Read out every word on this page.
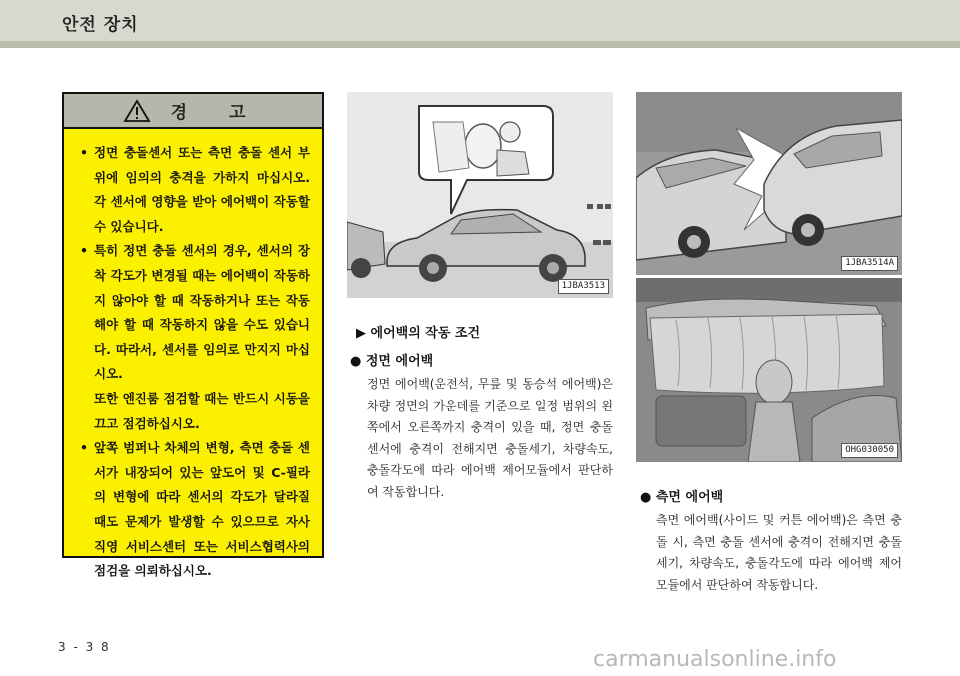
안전 장치
경 고
• 정면 충돌센서 또는 측면 충돌 센서 부위에 임의의 충격을 가하지 마십시오. 각 센서에 영향을 받아 에어백이 작동할 수 있습니다.
• 특히 정면 충돌 센서의 경우, 센서의 장착 각도가 변경될 때는 에어백이 작동하지 않아야 할 때 작동하거나 또는 작동해야 할 때 작동하지 않을 수도 있습니다. 따라서, 센서를 임의로 만지지 마십시오.
또한 엔진룸 점검할 때는 반드시 시동을 끄고 점검하십시오.
• 앞쪽 범퍼나 차체의 변형, 측면 충돌 센서가 내장되어 있는 앞도어 및 C-필라의 변형에 따라 센서의 각도가 달라질 때도 문제가 발생할 수 있으므로 자사 직영 서비스센터 또는 서비스협력사의 점검을 의뢰하십시오.
1JBA3513
1JBA3514A
OHG030050
▶ 에어백의 작동 조건
● 정면 에어백
정면 에어백(운전석, 무릎 및 동승석 에어백)은 차량 정면의 가운데를 기준으로 일정 범위의 왼쪽에서 오른쪽까지 충격이 있을 때, 정면 충돌 센서에 충격이 전해지면 충돌세기, 차량속도, 충돌각도에 따라 에어백 제어모듈에서 판단하여 작동합니다.	● 측면 에어백
측면 에어백(사이드 및 커튼 에어백)은 측면 충돌 시, 측면 충돌 센서에 충격이 전해지면 충돌세기, 차량속도, 충돌각도에 따라 에어백 제어모듈에서 판단하여 작동합니다.
3 - 3 8	carmanualsonline.info
